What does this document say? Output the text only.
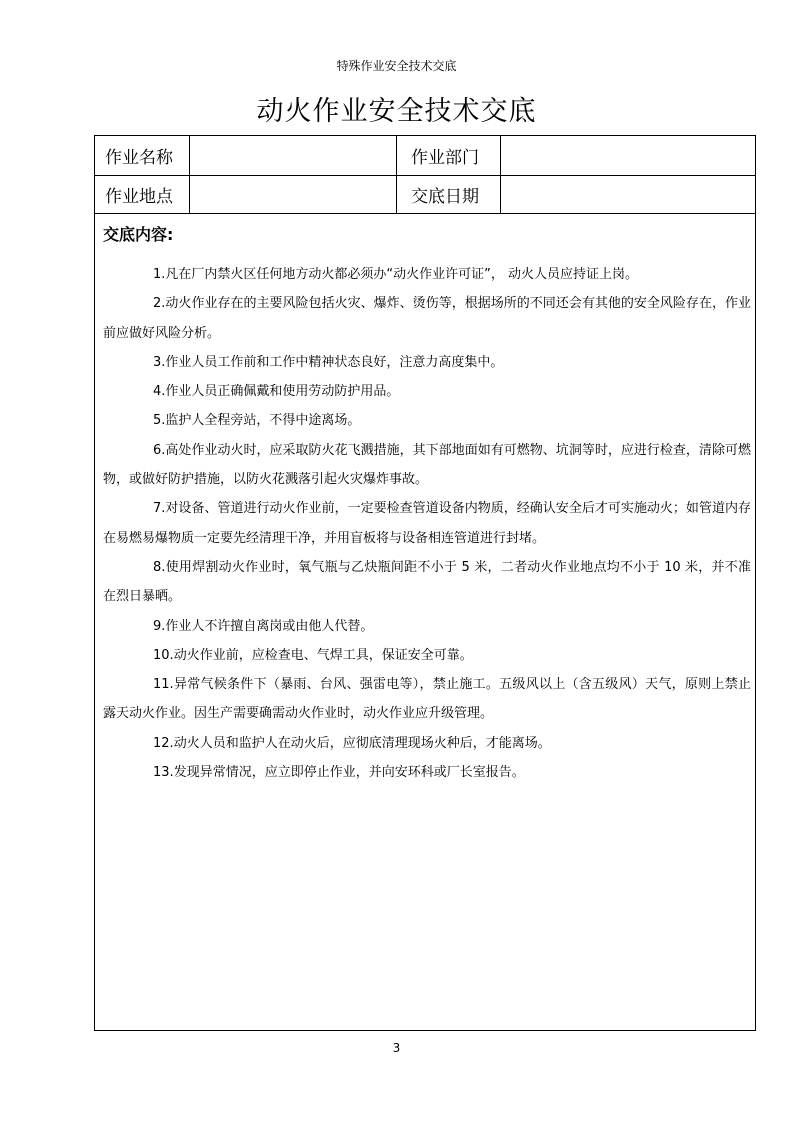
特殊作业安全技术交底
动火作业安全技术交底
作业名称	作业部门
作业地点	交底日期
交底内容:

1.凡在厂内禁火区任何地方动火都必须办“动火作业许可证”， 动火人员应持证上岗。

2.动火作业存在的主要风险包括火灾、爆炸、烫伤等，根据场所的不同还会有其他的安全风险存在，作业前应做好风险分析。

3.作业人员工作前和工作中精神状态良好，注意力高度集中。

4.作业人员正确佩戴和使用劳动防护用品。

5.监护人全程旁站，不得中途离场。

6.高处作业动火时，应采取防火花飞溅措施，其下部地面如有可燃物、坑洞等时，应进行检查，清除可燃物，或做好防护措施，以防火花溅落引起火灾爆炸事故。

7.对设备、管道进行动火作业前，一定要检查管道设备内物质，经确认安全后才可实施动火；如管道内存在易燃易爆物质一定要先经清理干净，并用盲板将与设备相连管道进行封堵。

8.使用焊割动火作业时，氧气瓶与乙炔瓶间距不小于 5 米，二者动火作业地点均不小于 10 米，并不准在烈日暴晒。

9.作业人不许擅自离岗或由他人代替。

10.动火作业前，应检查电、气焊工具，保证安全可靠。

11.异常气候条件下（暴雨、台风、强雷电等），禁止施工。五级风以上（含五级风）天气，原则上禁止露天动火作业。因生产需要确需动火作业时，动火作业应升级管理。

12.动火人员和监护人在动火后，应彻底清理现场火种后，才能离场。

13.发现异常情况，应立即停止作业，并向安环科或厂长室报告。

3
